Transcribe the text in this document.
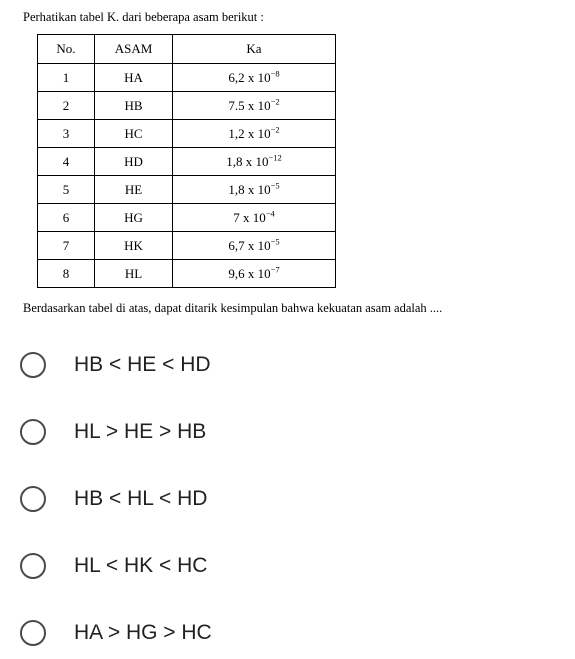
Perhatikan tabel K. dari beberapa asam berikut :
No.	ASAM	Ka
1	HA	6,2 x $10^{-8}$
2	HB	7.5 x $10^{-2}$
3	HC	1,2 x $10^{-2}$
4	HD	1,8 x $10^{-12}$
5	HE	1,8 x $10^{-5}$
6	HG	7 x $10^{-4}$
7	HK	6,7 x $10^{-5}$
8	HL	9,6 x $10^{-7}$
Berdasarkan tabel di atas, dapat ditarik kesimpulan bahwa kekuatan asam adalah ....
HB < HE < HD
HL > HE > HB
HB < HL < HD
HL < HK < HC
HA > HG > HC
